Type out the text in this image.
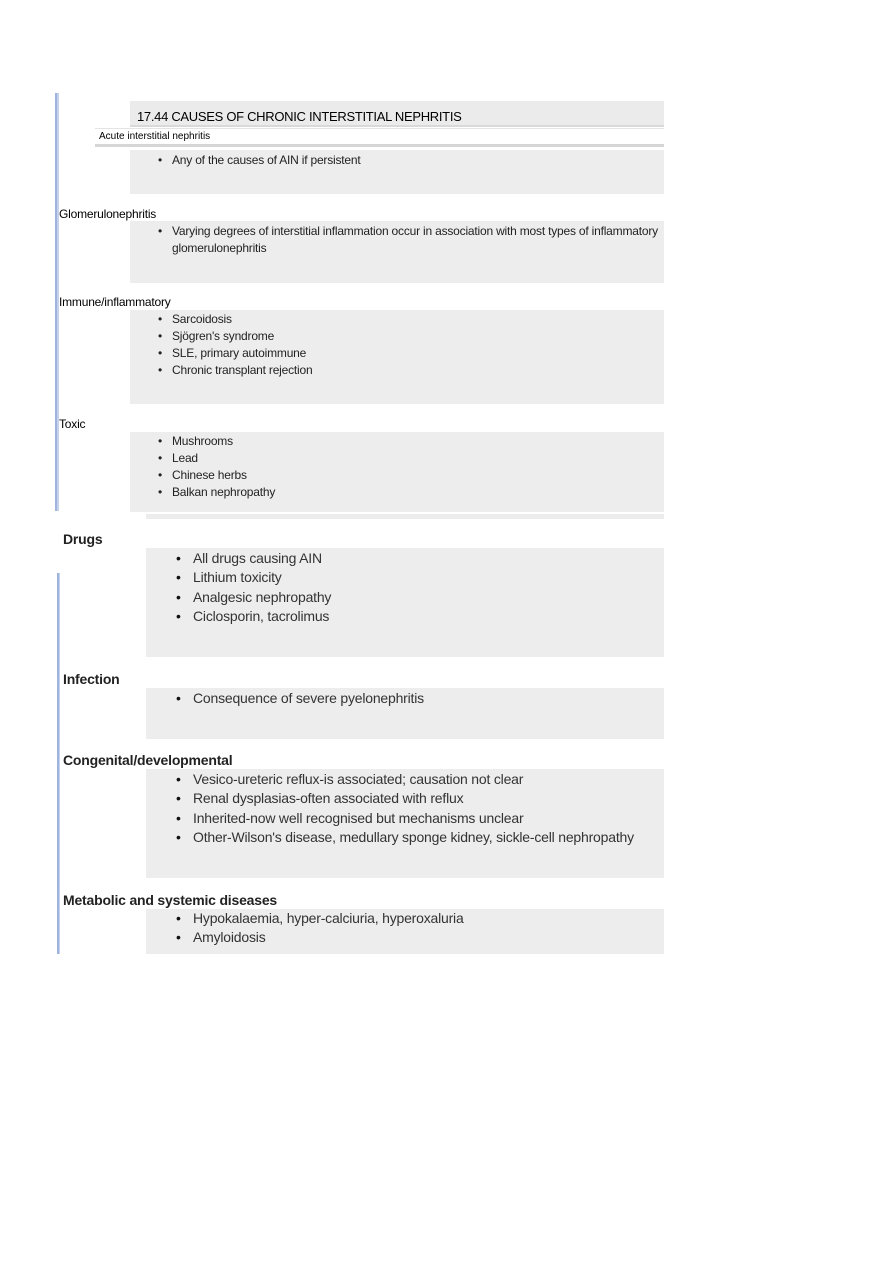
17.44 CAUSES OF CHRONIC INTERSTITIAL NEPHRITIS
Acute interstitial nephritis
• Any of the causes of AIN if persistent
Glomerulonephritis
• Varying degrees of interstitial inflammation occur in association with most types of inflammatory glomerulonephritis
Immune/inflammatory
• Sarcoidosis
• Sjögren's syndrome
• SLE, primary autoimmune
• Chronic transplant rejection
Toxic
• Mushrooms
• Lead
• Chinese herbs
• Balkan nephropathy
Drugs
• All drugs causing AIN
• Lithium toxicity
• Analgesic nephropathy
• Ciclosporin, tacrolimus
Infection
• Consequence of severe pyelonephritis
Congenital/developmental
• Vesico-ureteric reflux-is associated; causation not clear
• Renal dysplasias-often associated with reflux
• Inherited-now well recognised but mechanisms unclear
• Other-Wilson's disease, medullary sponge kidney, sickle-cell nephropathy
Metabolic and systemic diseases
• Hypokalaemia, hyper-calciuria, hyperoxaluria
• Amyloidosis
